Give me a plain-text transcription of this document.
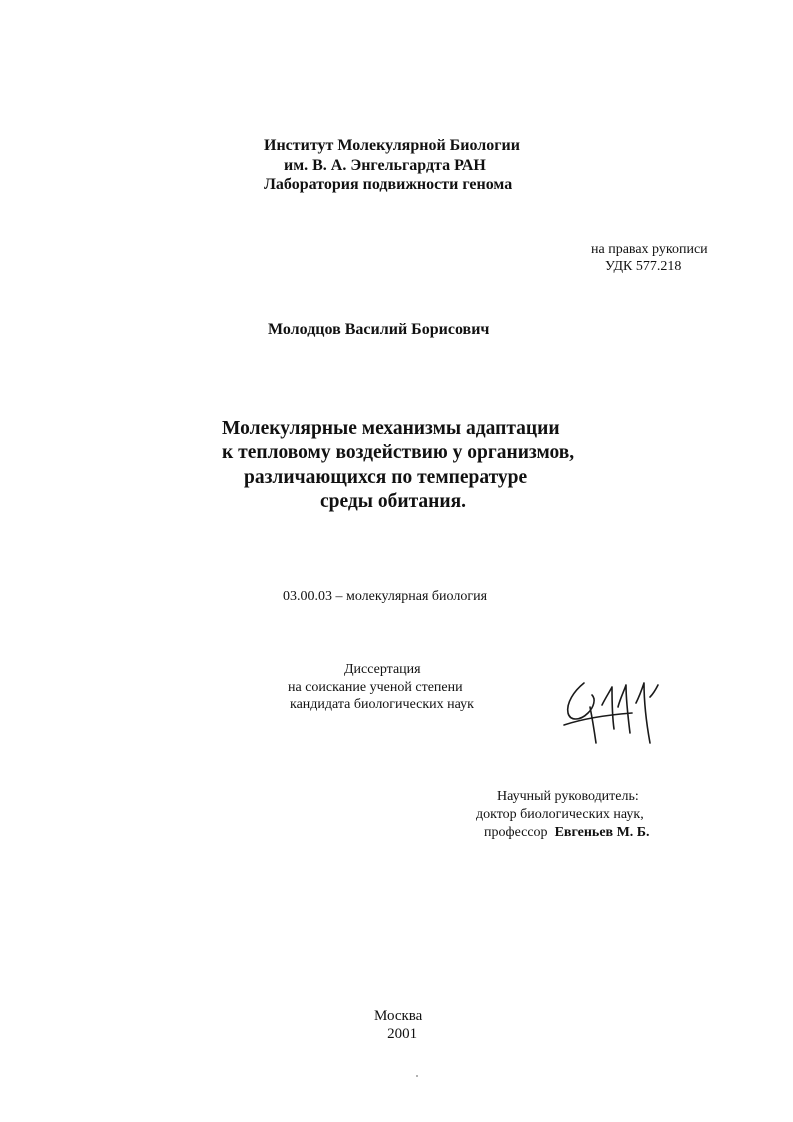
Институт Молекулярной Биологии
им. В. А. Энгельгардта РАН
Лаборатория подвижности генома
на правах рукописи
УДК 577.218
Молодцов Василий Борисович
Молекулярные механизмы адаптации
к тепловому воздействию у организмов,
различающихся по температуре
среды обитания.
03.00.03 – молекулярная биология
Диссертация
на соискание ученой степени
кандидата биологических наук
Научный руководитель:
доктор биологических наук,
профессор Евгеньев М. Б.
Москва
2001
